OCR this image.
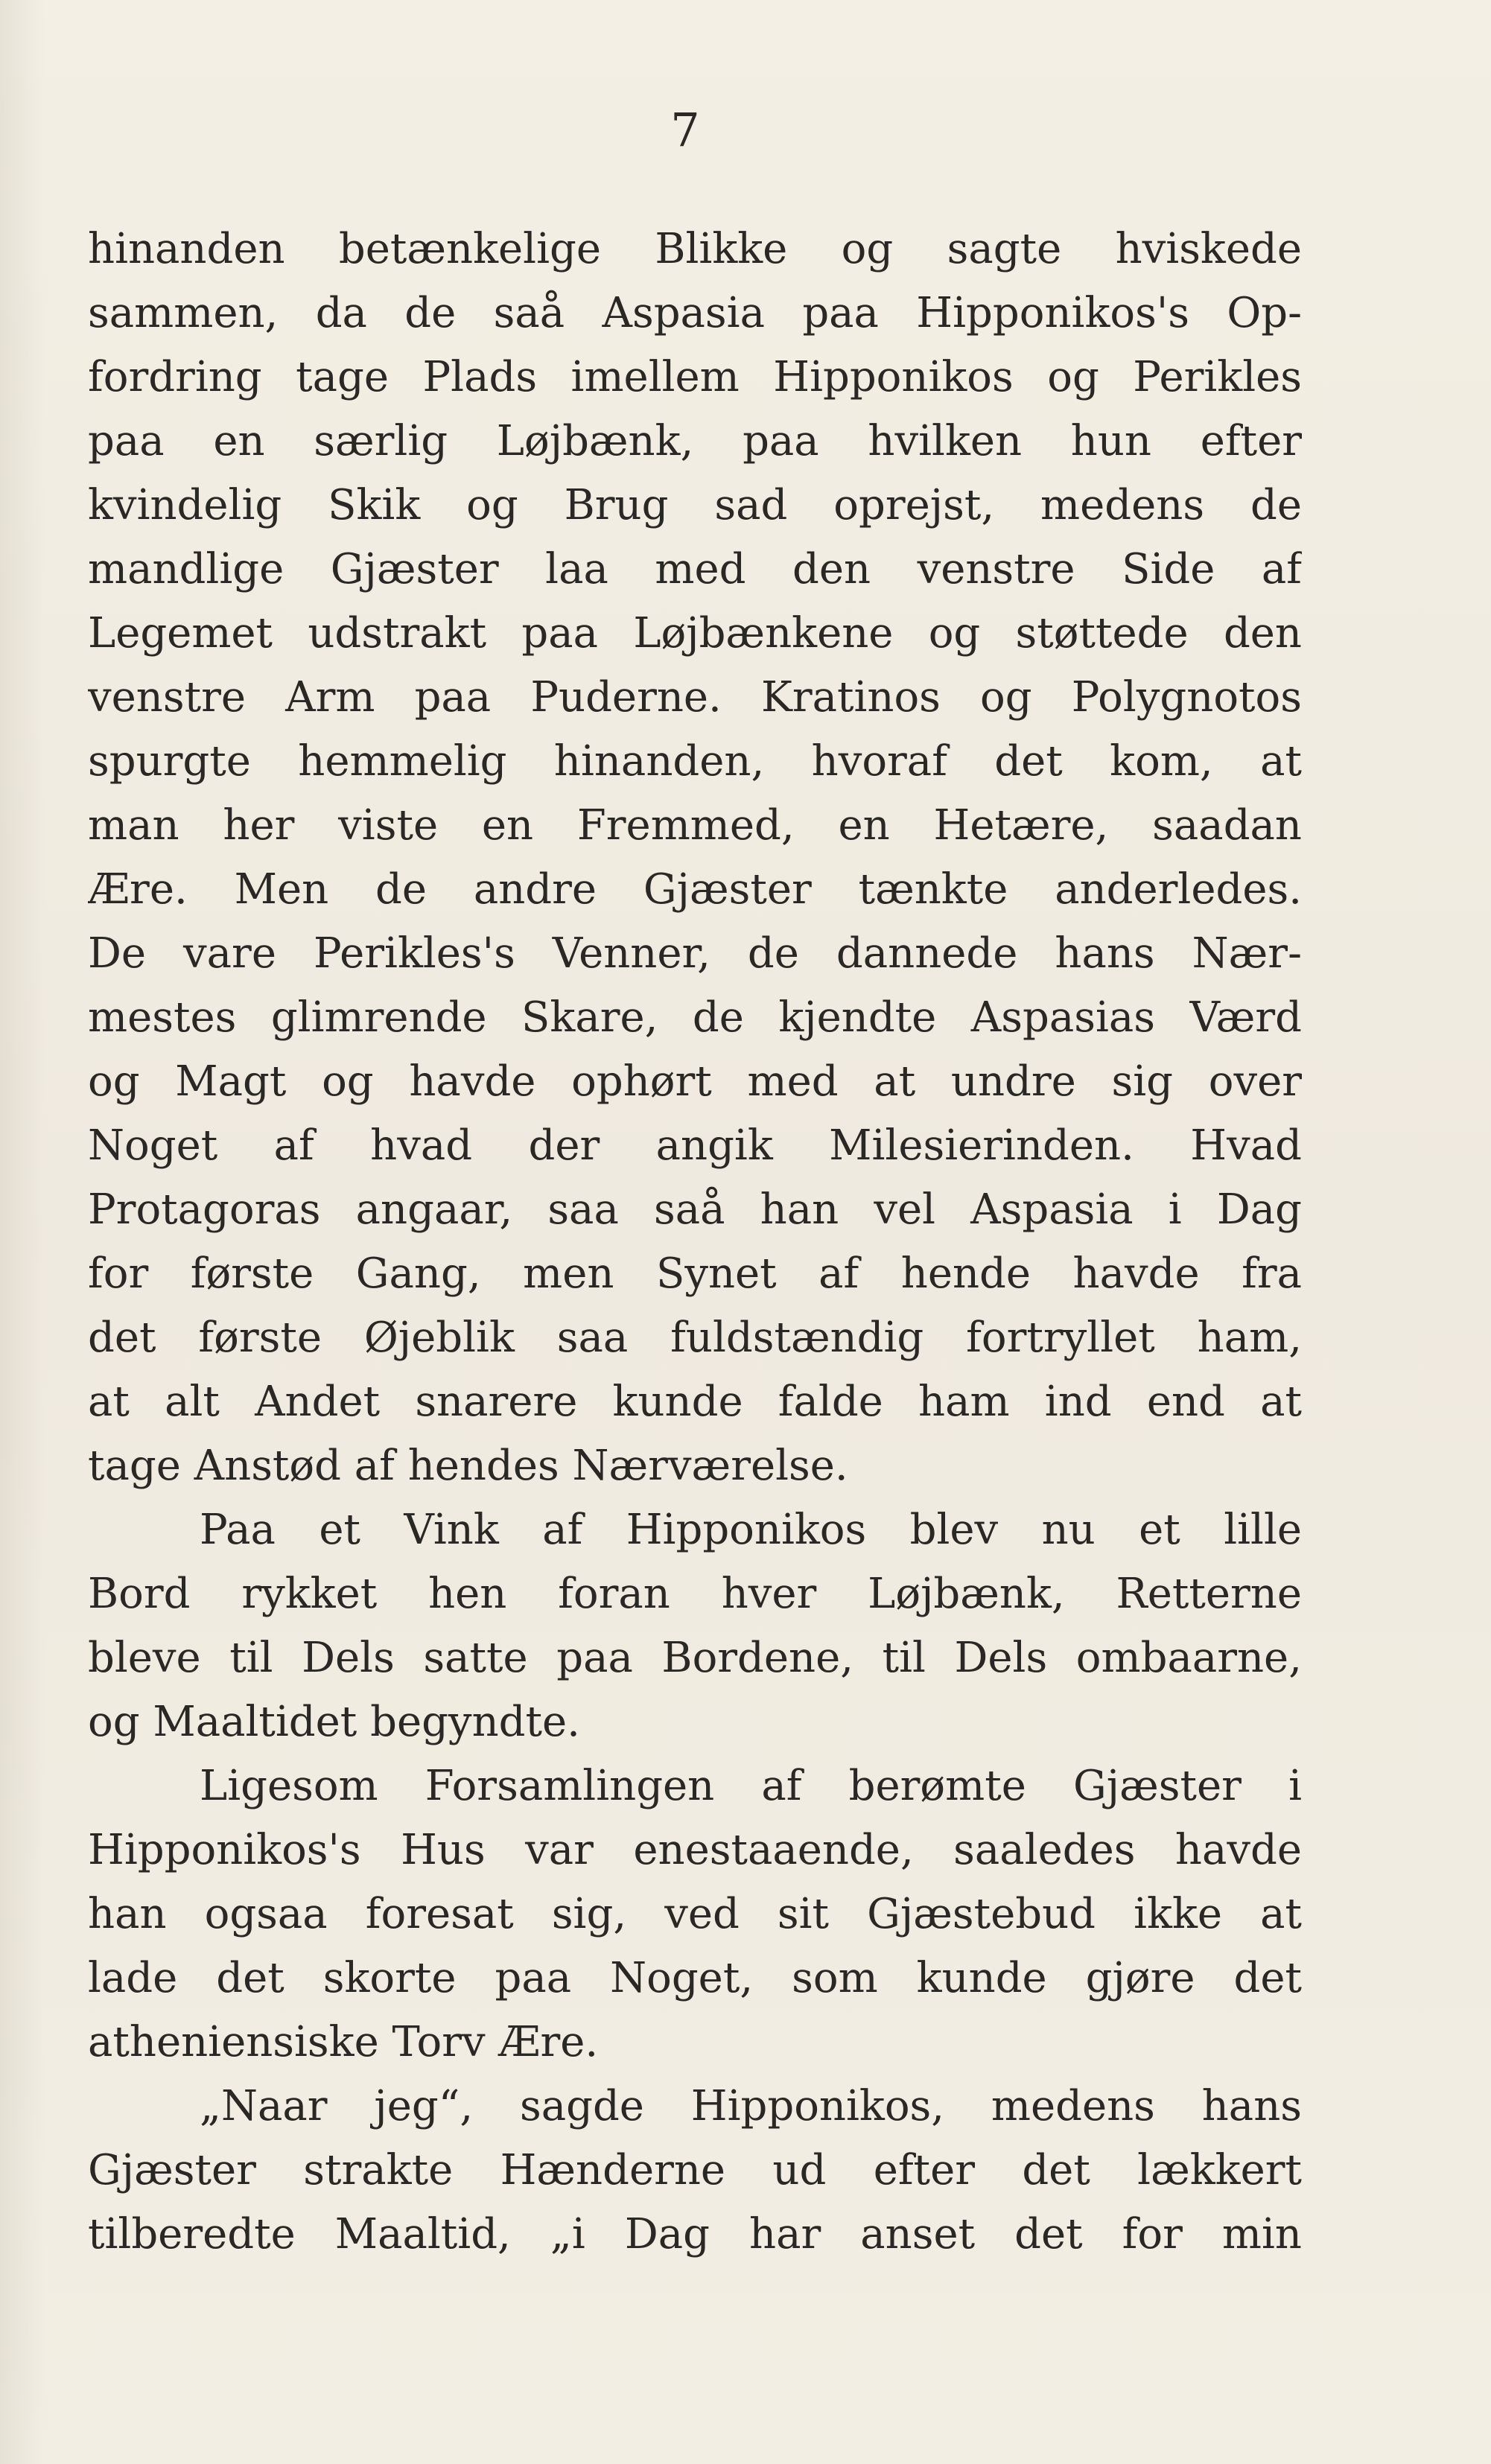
7
hinanden betænkelige Blikke og sagte hviskede
sammen, da de saå Aspasia paa Hipponikos's Op-
fordring tage Plads imellem Hipponikos og Perikles
paa en særlig Løjbænk, paa hvilken hun efter
kvindelig Skik og Brug sad oprejst, medens de
mandlige Gjæster laa med den venstre Side af
Legemet udstrakt paa Løjbænkene og støttede den
venstre Arm paa Puderne. Kratinos og Polygnotos
spurgte hemmelig hinanden, hvoraf det kom, at
man her viste en Fremmed, en Hetære, saadan
Ære. Men de andre Gjæster tænkte anderledes.
De vare Perikles's Venner, de dannede hans Nær-
mestes glimrende Skare, de kjendte Aspasias Værd
og Magt og havde ophørt med at undre sig over
Noget af hvad der angik Milesierinden. Hvad
Protagoras angaar, saa saå han vel Aspasia i Dag
for første Gang, men Synet af hende havde fra
det første Øjeblik saa fuldstændig fortryllet ham,
at alt Andet snarere kunde falde ham ind end at
tage Anstød af hendes Nærværelse.
Paa et Vink af Hipponikos blev nu et lille
Bord rykket hen foran hver Løjbænk, Retterne
bleve til Dels satte paa Bordene, til Dels ombaarne,
og Maaltidet begyndte.
Ligesom Forsamlingen af berømte Gjæster i
Hipponikos's Hus var enestaaende, saaledes havde
han ogsaa foresat sig, ved sit Gjæstebud ikke at
lade det skorte paa Noget, som kunde gjøre det
atheniensiske Torv Ære.
„Naar jeg“, sagde Hipponikos, medens hans
Gjæster strakte Hænderne ud efter det lækkert
tilberedte Maaltid, „i Dag har anset det for min
